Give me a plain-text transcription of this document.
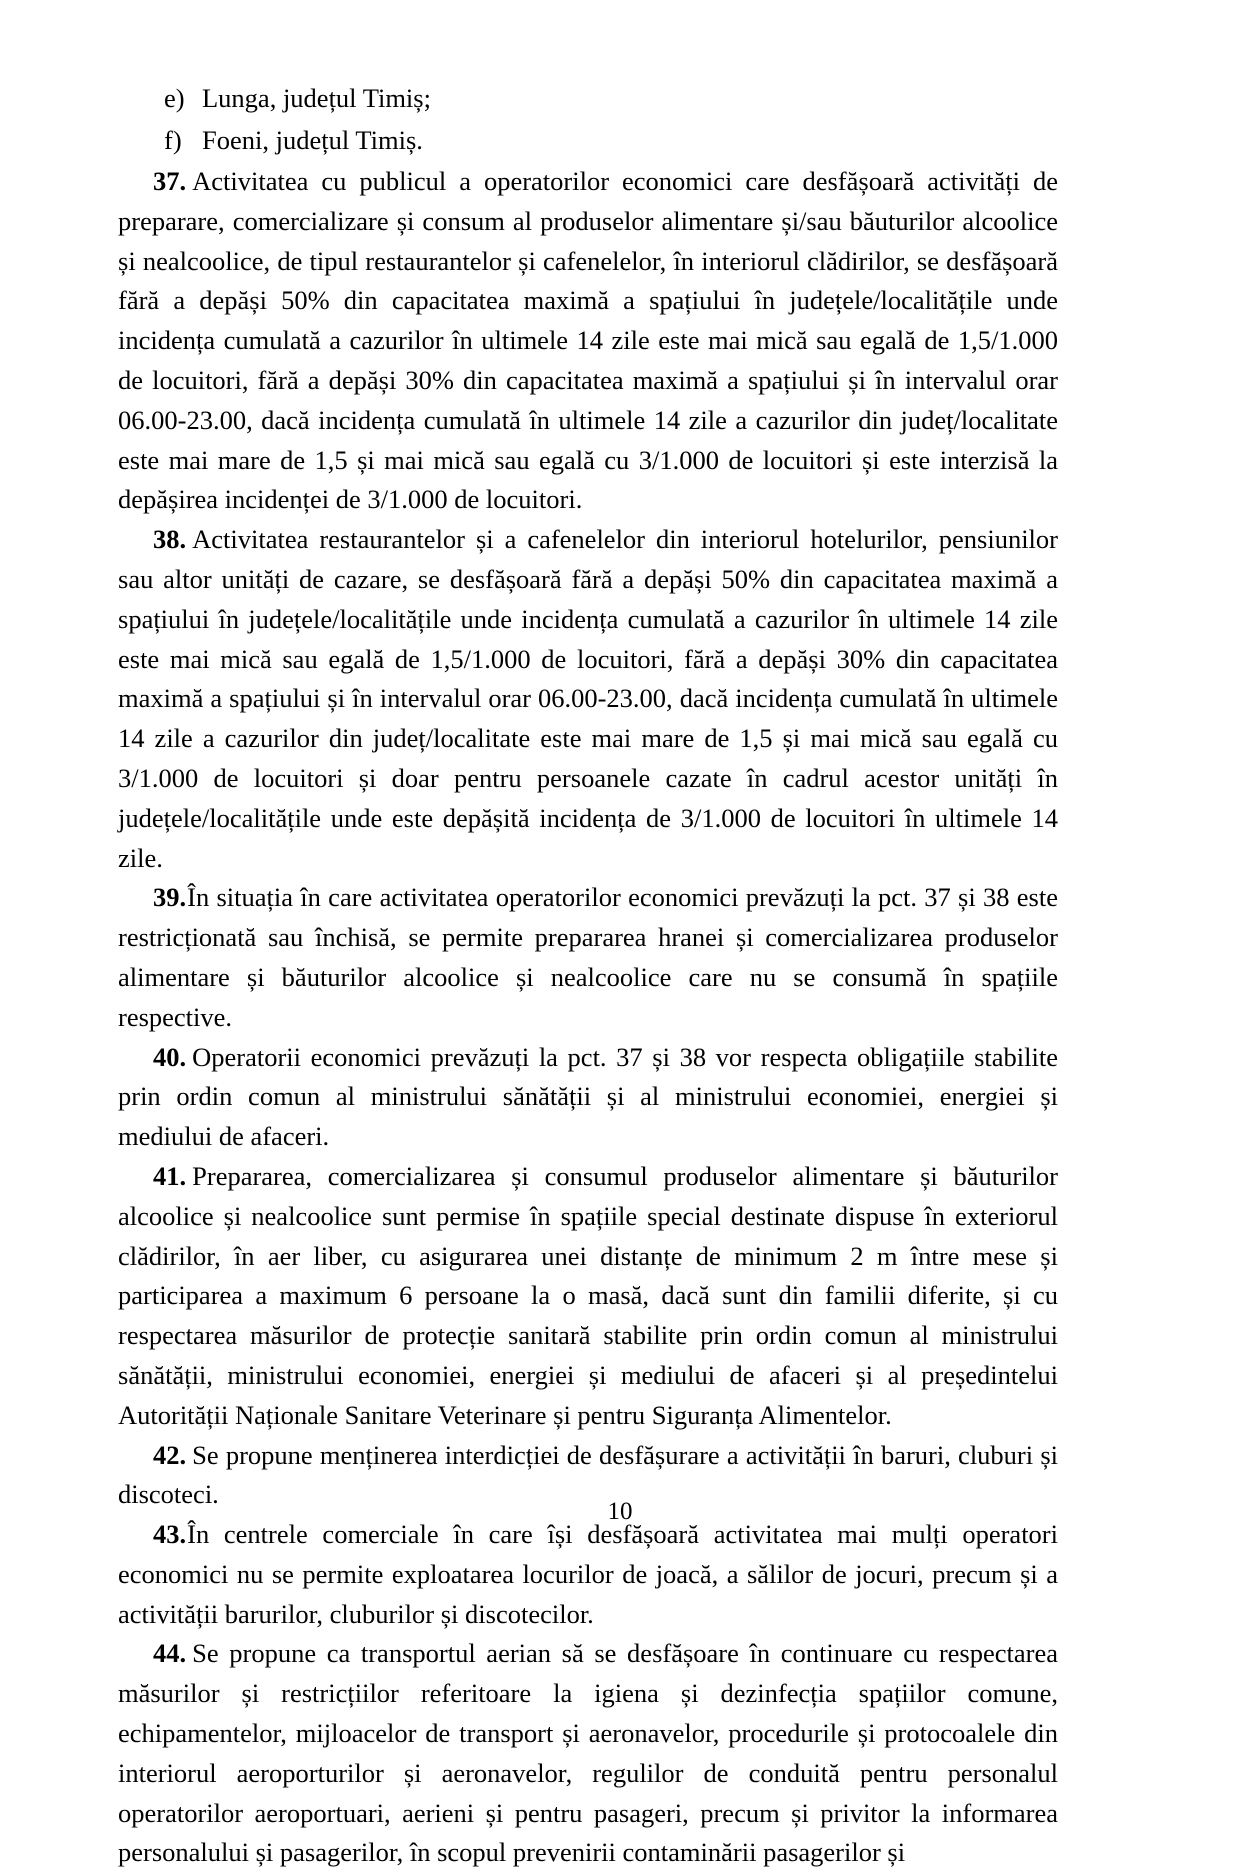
e) Lunga, județul Timiș;
f) Foeni, județul Timiș.

37. Activitatea cu publicul a operatorilor economici care desfășoară activități de preparare, comercializare și consum al produselor alimentare și/sau băuturilor alcoolice și nealcoolice, de tipul restaurantelor și cafenelelor, în interiorul clădirilor, se desfășoară fără a depăși 50% din capacitatea maximă a spațiului în județele/localitățile unde incidența cumulată a cazurilor în ultimele 14 zile este mai mică sau egală de 1,5/1.000 de locuitori, fără a depăși 30% din capacitatea maximă a spațiului și în intervalul orar 06.00-23.00, dacă incidența cumulată în ultimele 14 zile a cazurilor din județ/localitate este mai mare de 1,5 și mai mică sau egală cu 3/1.000 de locuitori și este interzisă la depășirea incidenței de 3/1.000 de locuitori.

38. Activitatea restaurantelor și a cafenelelor din interiorul hotelurilor, pensiunilor sau altor unități de cazare, se desfășoară fără a depăși 50% din capacitatea maximă a spațiului în județele/localitățile unde incidența cumulată a cazurilor în ultimele 14 zile este mai mică sau egală de 1,5/1.000 de locuitori, fără a depăși 30% din capacitatea maximă a spațiului și în intervalul orar 06.00-23.00, dacă incidența cumulată în ultimele 14 zile a cazurilor din județ/localitate este mai mare de 1,5 și mai mică sau egală cu 3/1.000 de locuitori și doar pentru persoanele cazate în cadrul acestor unități în județele/localitățile unde este depășită incidența de 3/1.000 de locuitori în ultimele 14 zile.

39.În situația în care activitatea operatorilor economici prevăzuți la pct. 37 și 38 este restricționată sau închisă, se permite prepararea hranei și comercializarea produselor alimentare și băuturilor alcoolice și nealcoolice care nu se consumă în spațiile respective.

40. Operatorii economici prevăzuți la pct. 37 și 38 vor respecta obligațiile stabilite prin ordin comun al ministrului sănătății și al ministrului economiei, energiei și mediului de afaceri.

41. Prepararea, comercializarea și consumul produselor alimentare și băuturilor alcoolice și nealcoolice sunt permise în spațiile special destinate dispuse în exteriorul clădirilor, în aer liber, cu asigurarea unei distanțe de minimum 2 m între mese și participarea a maximum 6 persoane la o masă, dacă sunt din familii diferite, și cu respectarea măsurilor de protecție sanitară stabilite prin ordin comun al ministrului sănătății, ministrului economiei, energiei și mediului de afaceri și al președintelui Autorității Naționale Sanitare Veterinare și pentru Siguranța Alimentelor.

42. Se propune menținerea interdicției de desfășurare a activității în baruri, cluburi și discoteci.

43.În centrele comerciale în care își desfășoară activitatea mai mulți operatori economici nu se permite exploatarea locurilor de joacă, a sălilor de jocuri, precum și a activității barurilor, cluburilor și discotecilor.

44. Se propune ca transportul aerian să se desfășoare în continuare cu respectarea măsurilor și restricțiilor referitoare la igiena și dezinfecția spațiilor comune, echipamentelor, mijloacelor de transport și aeronavelor, procedurile și protocoalele din interiorul aeroporturilor și aeronavelor, regulilor de conduită pentru personalul operatorilor aeroportuari, aerieni și pentru pasageri, precum și privitor la informarea personalului și pasagerilor, în scopul prevenirii contaminării pasagerilor și

10
